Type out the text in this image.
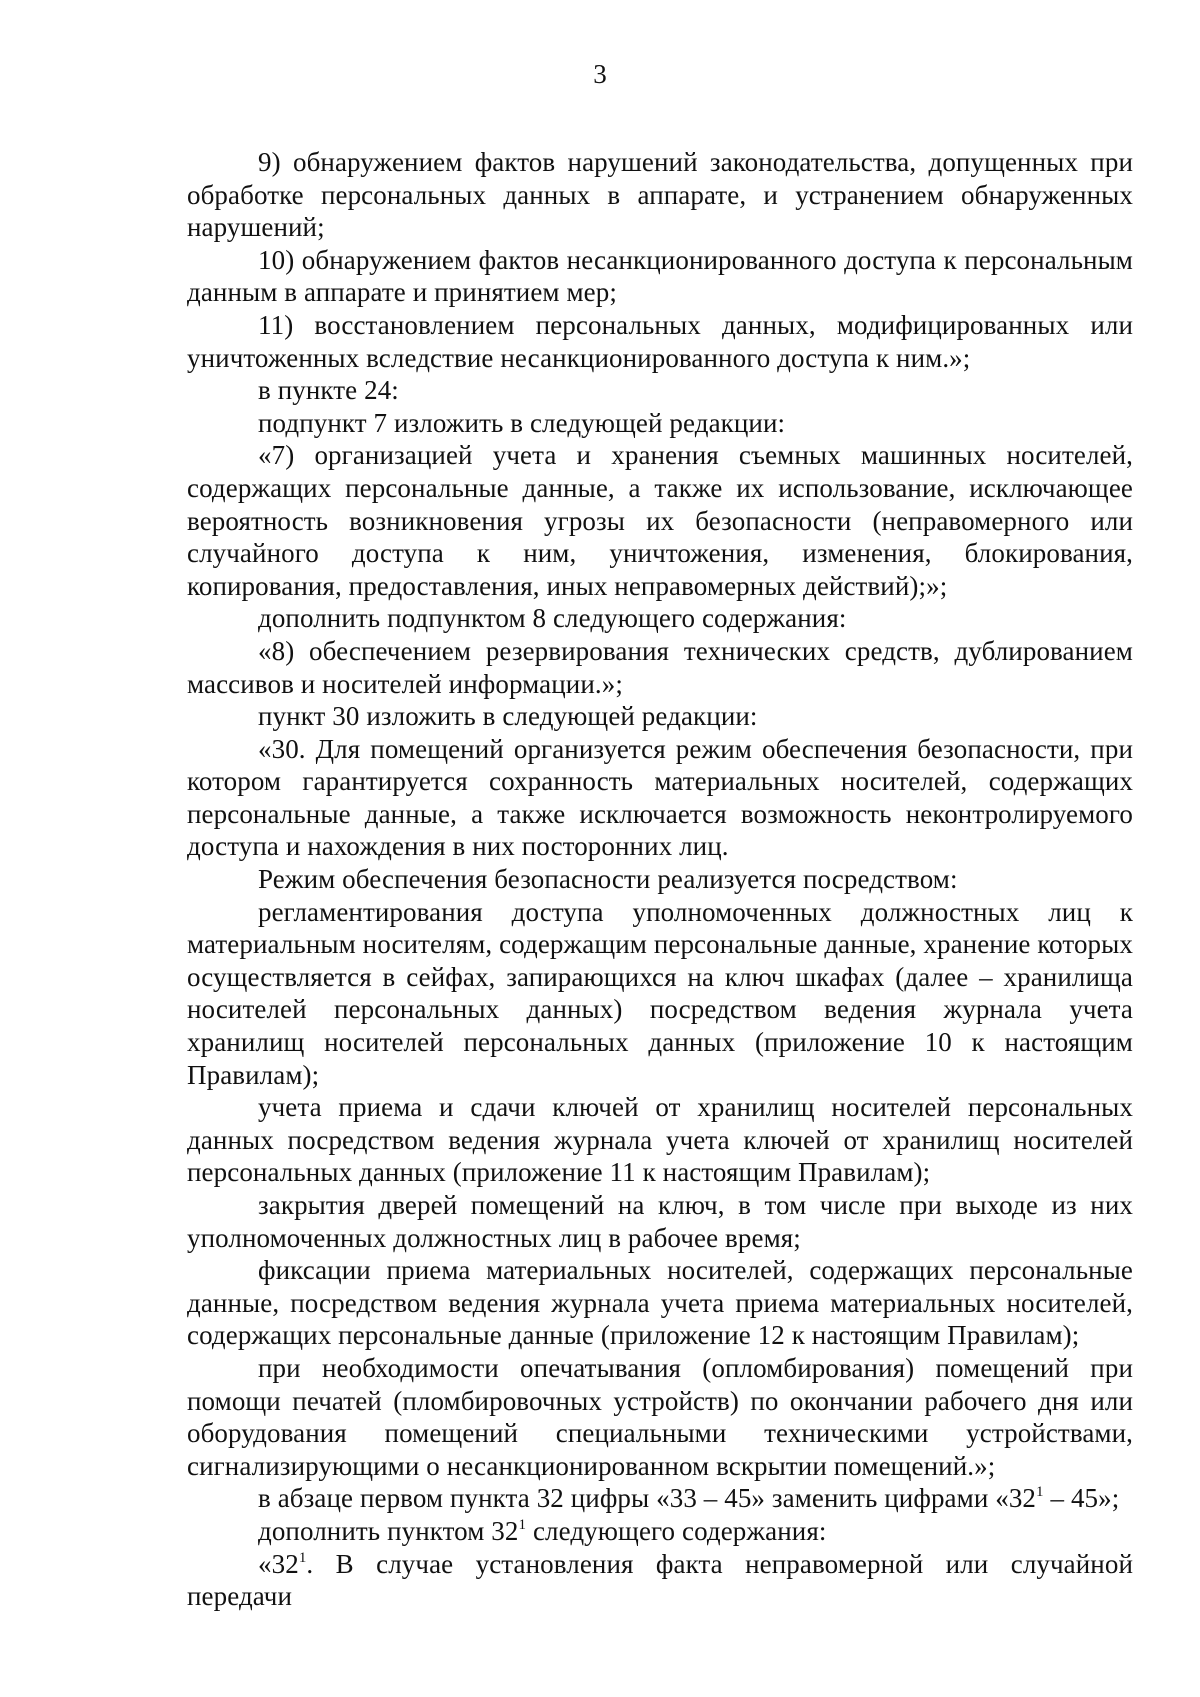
3

9) обнаружением фактов нарушений законодательства, допущенных при обработке персональных данных в аппарате, и устранением обнаруженных нарушений;

10) обнаружением фактов несанкционированного доступа к персональным данным в аппарате и принятием мер;

11) восстановлением персональных данных, модифицированных или уничтоженных вследствие несанкционированного доступа к ним.»;

в пункте 24:

подпункт 7 изложить в следующей редакции:

«7) организацией учета и хранения съемных машинных носителей, содержащих персональные данные, а также их использование, исключающее вероятность возникновения угрозы их безопасности (неправомерного или случайного доступа к ним, уничтожения, изменения, блокирования, копирования, предоставления, иных неправомерных действий);»;

дополнить подпунктом 8 следующего содержания:

«8) обеспечением резервирования технических средств, дублированием массивов и носителей информации.»;

пункт 30 изложить в следующей редакции:

«30. Для помещений организуется режим обеспечения безопасности, при котором гарантируется сохранность материальных носителей, содержащих персональные данные, а также исключается возможность неконтролируемого доступа и нахождения в них посторонних лиц.

Режим обеспечения безопасности реализуется посредством:

регламентирования доступа уполномоченных должностных лиц к материальным носителям, содержащим персональные данные, хранение которых осуществляется в сейфах, запирающихся на ключ шкафах (далее – хранилища носителей персональных данных) посредством ведения журнала учета хранилищ носителей персональных данных (приложение 10 к настоящим Правилам);

учета приема и сдачи ключей от хранилищ носителей персональных данных посредством ведения журнала учета ключей от хранилищ носителей персональных данных (приложение 11 к настоящим Правилам);

закрытия дверей помещений на ключ, в том числе при выходе из них уполномоченных должностных лиц в рабочее время;

фиксации приема материальных носителей, содержащих персональные данные, посредством ведения журнала учета приема материальных носителей, содержащих персональные данные (приложение 12 к настоящим Правилам);

при необходимости опечатывания (опломбирования) помещений при помощи печатей (пломбировочных устройств) по окончании рабочего дня или оборудования помещений специальными техническими устройствами, сигнализирующими о несанкционированном вскрытии помещений.»;

в абзаце первом пункта 32 цифры «33 – 45» заменить цифрами «$32^1 - 45$»;

дополнить пунктом $32^1$ следующего содержания:

«$32^1$. В случае установления факта неправомерной или случайной передачи
